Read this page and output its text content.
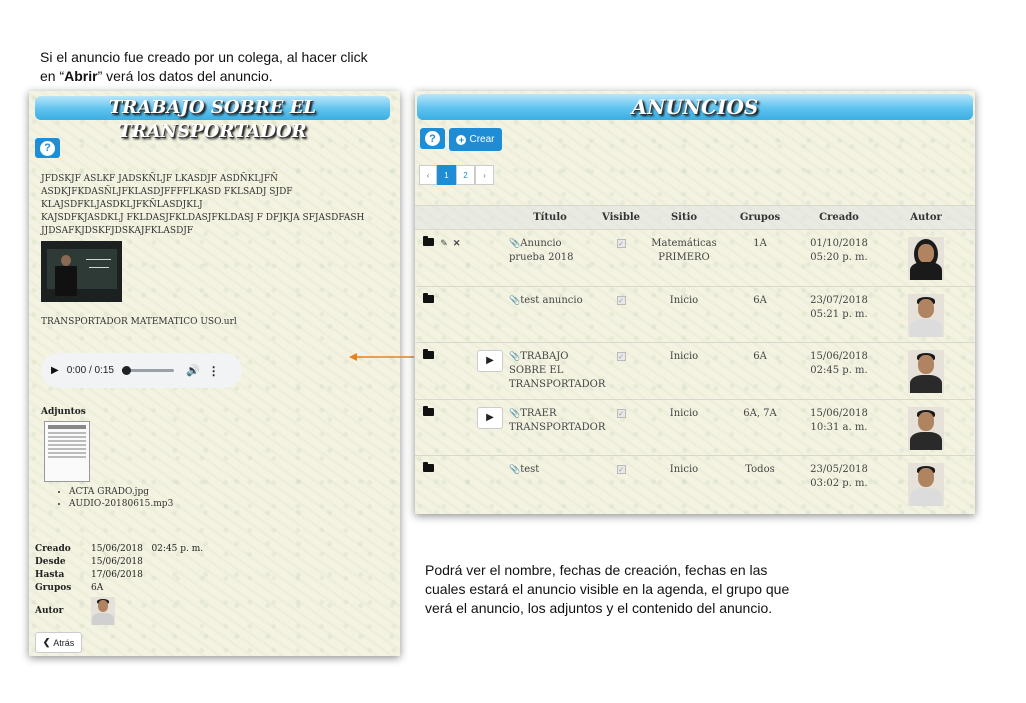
Si el anuncio fue creado por un colega, al hacer click
en “Abrir” verá los datos del anuncio.
Podrá ver el nombre, fechas de creación, fechas en las
cuales estará el anuncio visible en la agenda, el grupo que
verá el anuncio, los adjuntos y el contenido del anuncio.
TRABAJO SOBRE EL TRANSPORTADOR
?
JFDSKJF ASLKF JADSKÑLJF LKASDJF ASDÑKLJFÑ
ASDKJFKDASÑLJFKLASDJFFFFLKASD FKLSADJ SJDF KLAJSDFKLJASDKLJFKÑLASDJKLJ
KAJSDFKJASDKLJ FKLDASJFKLDASJFKLDASJ F DFJKJA SFJASDFASH
JJDSAFKJDSKFJDSKAJFKLASDJF
TRANSPORTADOR MATEMATICO USO.url
▶ 0:00 / 0:15	🔊 ⋮
Adjuntos
• ACTA GRADO.jpg
• AUDIO-20180615.mp3
Creado 15/06/2018   02:45 p. m.
Desde	15/06/2018
Hasta	17/06/2018
Grupos 6A
Autor
❮ Atrás
ANUNCIOS
?	+ Crear
‹	1	2	›
		Título	Visible	Sitio	Grupos	Creado	Autor
✎ ✕		📎Anuncio prueba 2018	✓	Matemáticas PRIMERO	1A	01/10/2018
05:20 p. m.	

		📎test anuncio	✓	Inicio	6A	23/07/2018
05:21 p. m.	

	▶	📎TRABAJO SOBRE EL TRANSPORTADOR	✓	Inicio	6A	15/06/2018
02:45 p. m.	

	▶	📎TRAER TRANSPORTADOR	✓	Inicio	6A, 7A	15/06/2018
10:31 a. m.	

		📎test	✓	Inicio	Todos	23/05/2018
03:02 p. m.	
